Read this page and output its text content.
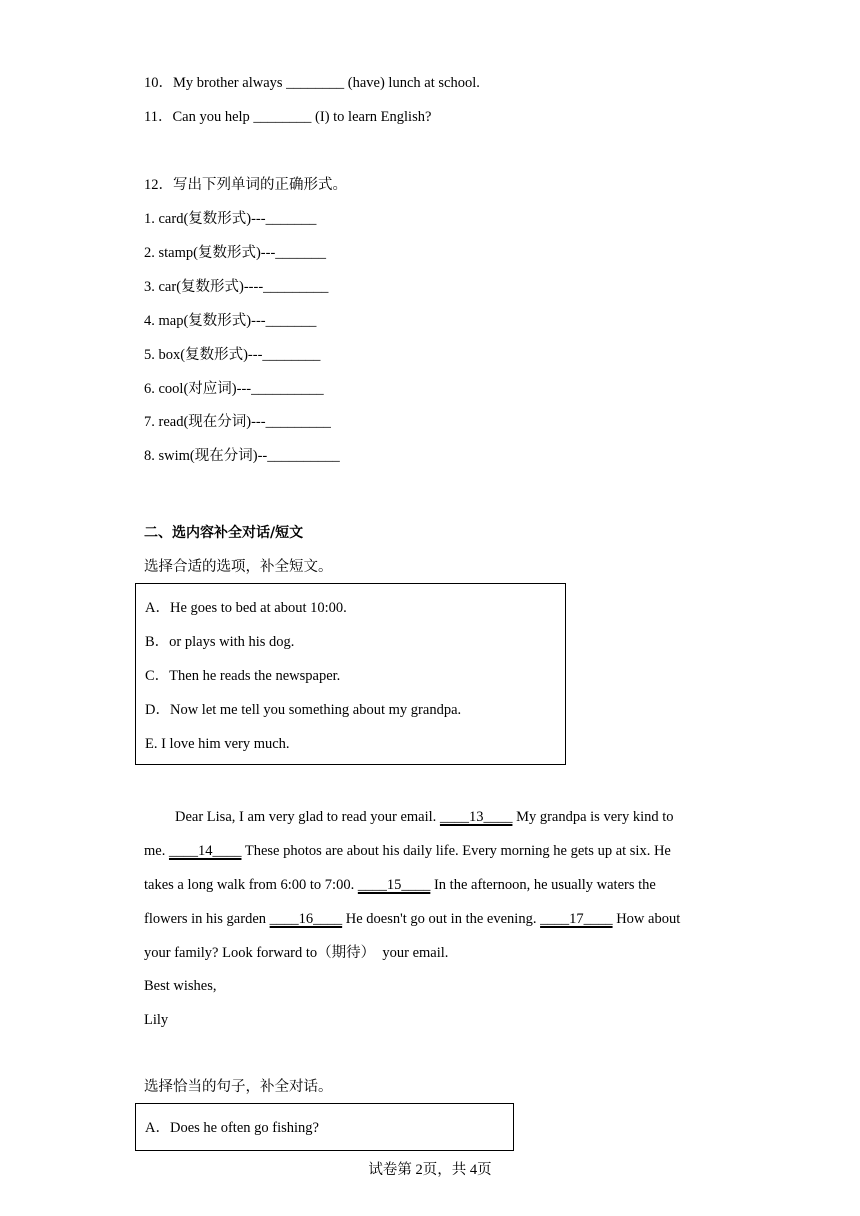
10．My brother always ________ (have) lunch at school.
11．Can you help ________ (I) to learn English?
12．写出下列单词的正确形式。
1. card(复数形式)---_______
2. stamp(复数形式)---_______
3. car(复数形式)----_________
4. map(复数形式)---_______
5. box(复数形式)---________
6. cool(对应词)---__________
7. read(现在分词)---_________
8. swim(现在分词)--__________
二、选内容补全对话/短文
选择合适的选项，补全短文。
A．He goes to bed at about 10:00.
B．or plays with his dog.
C．Then he reads the newspaper.
D．Now let me tell you something about my grandpa.
E. I love him very much.
Dear Lisa, I am very glad to read your email. ____13____ My grandpa is very kind to
me. ____14____ These photos are about his daily life. Every morning he gets up at six. He
takes a long walk from 6:00 to 7:00. ____15____ In the afternoon, he usually waters the
flowers in his garden ____16____ He doesn't go out in the evening. ____17____ How about
your family? Look forward to（期待）  your email.
Best wishes,
Lily
选择恰当的句子，补全对话。
A．Does he often go fishing?
试卷第 2页，共 4页
